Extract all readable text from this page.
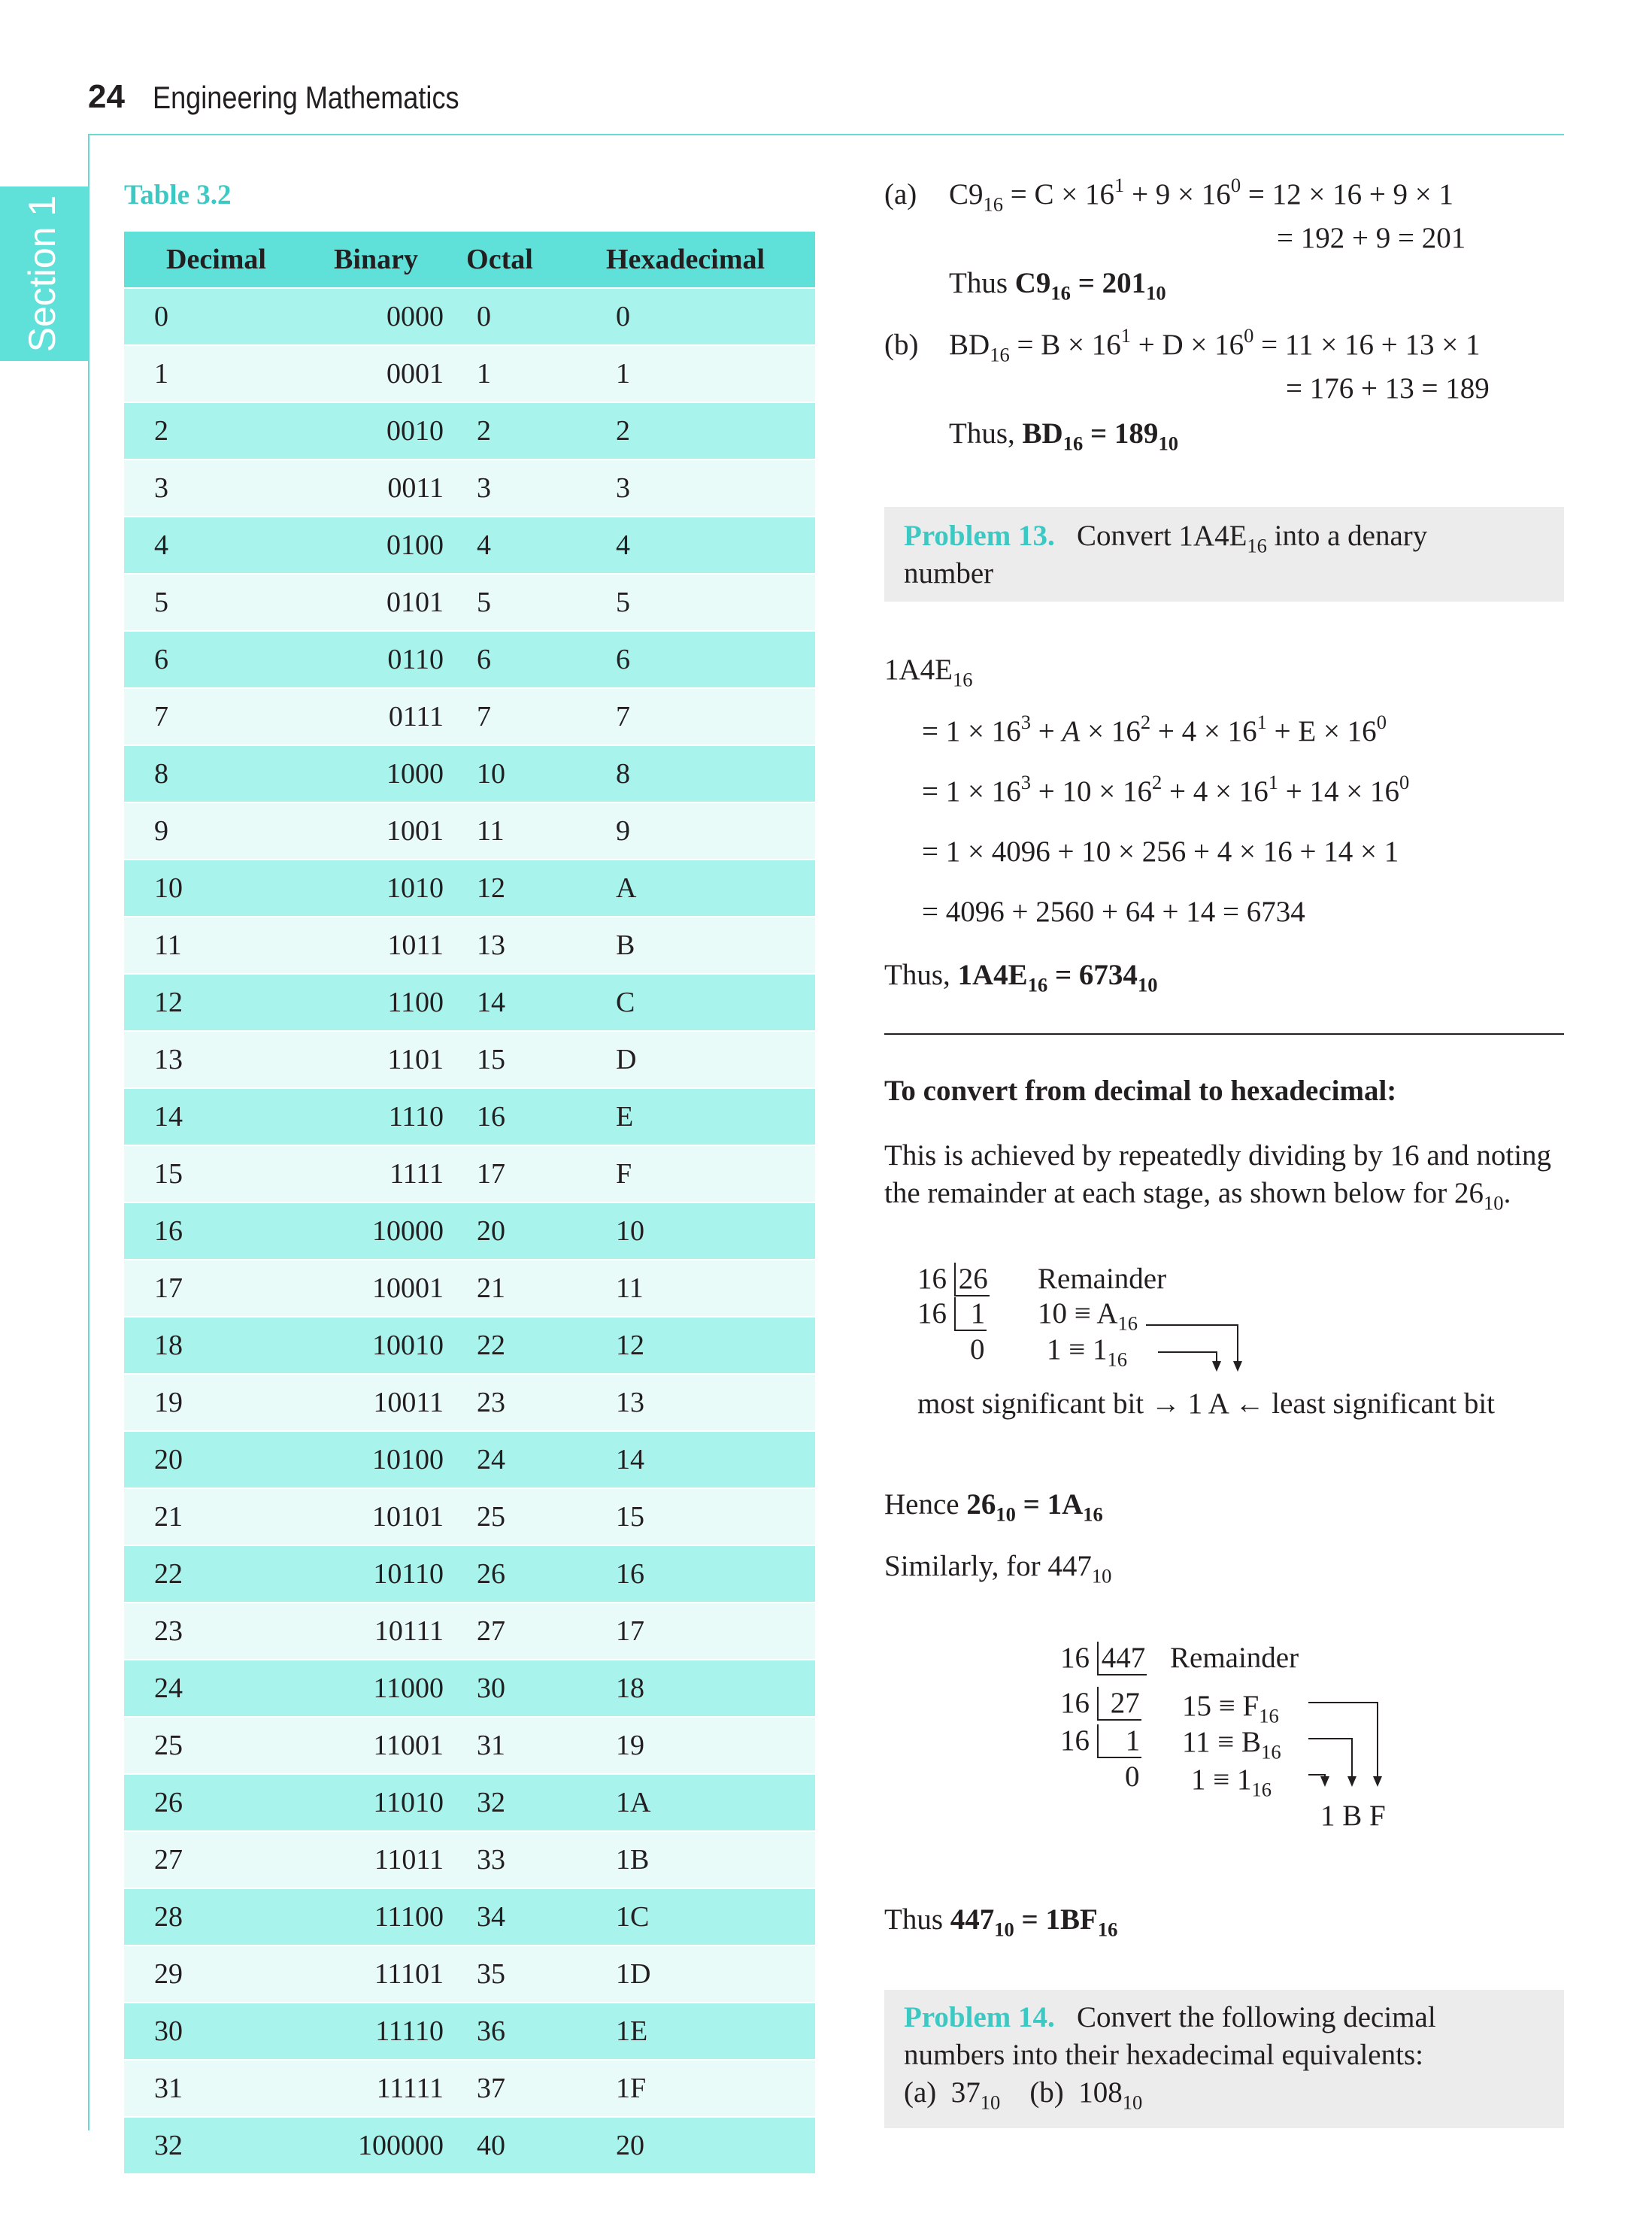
24 Engineering Mathematics
Section 1
Table 3.2
Decimal	Binary	Octal	Hexadecimal
0	0000	0	0
1	0001	1	1
2	0010	2	2
3	0011	3	3
4	0100	4	4
5	0101	5	5
6	0110	6	6
7	0111	7	7
8	1000	10	8
9	1001	11	9
10	1010	12	A
11	1011	13	B
12	1100	14	C
13	1101	15	D
14	1110	16	E
15	1111	17	F
16	10000	20	10
17	10001	21	11
18	10010	22	12
19	10011	23	13
20	10100	24	14
21	10101	25	15
22	10110	26	16
23	10111	27	17
24	11000	30	18
25	11001	31	19
26	11010	32	1A
27	11011	33	1B
28	11100	34	1C
29	11101	35	1D
30	11110	36	1E
31	11111	37	1F
32	100000	40	20
(a) $C9_{16} = C \times 16^1 + 9 \times 16^0 = 12 \times 16 + 9 \times 1$
= 192 + 9 = 201
Thus $C9_{16} = 201_{10}$
(b) $BD_{16} = B \times 16^1 + D \times 16^0 = 11 \times 16 + 13 \times 1$
= 176 + 13 = 189
Thus, $BD_{16} = 189_{10}$
Problem 13. Convert $1A4E_{16}$ into a denary
number
$1A4E_{16}$
= $1 \times 16^3 + A \times 16^2 + 4 \times 16^1 + E \times 16^0$
= $1 \times 16^3 + 10 \times 16^2 + 4 \times 16^1 + 14 \times 16^0$
= 1 × 4096 + 10 × 256 + 4 × 16 + 14 × 1
= 4096 + 2560 + 64 + 14 = 6734
Thus, $1A4E_{16} = 6734_{10}$
To convert from decimal to hexadecimal:
This is achieved by repeatedly dividing by 16 and noting
the remainder at each stage, as shown below for $26_{10}$.
16 26 Remainder
16 1 $10 \equiv A_{16}$
0 $1 \equiv 1_{16}$
most significant bit → 1 A ← least significant bit
Hence $26_{10} = 1A_{16}$
Similarly, for $447_{10}$
16 447 Remainder
16 27 $15 \equiv F_{16}$
16 1 $11 \equiv B_{16}$
0 $1 \equiv 1_{16}$
1 B F
Thus $447_{10} = 1BF_{16}$
Problem 14. Convert the following decimal
numbers into their hexadecimal equivalents:
(a)  $37_{10}$    (b)  $108_{10}$
